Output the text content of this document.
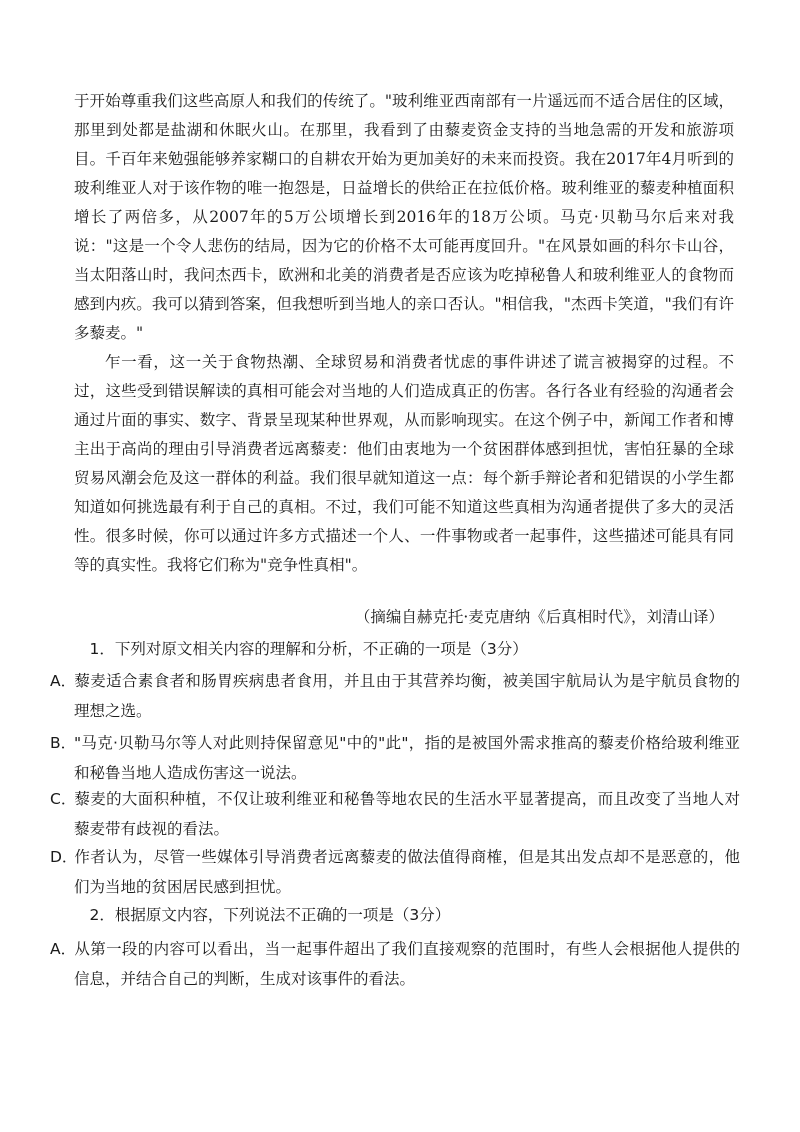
于开始尊重我们这些高原人和我们的传统了。"玻利维亚西南部有一片遥远而不适合居住的区域，那里到处都是盐湖和休眠火山。在那里，我看到了由藜麦资金支持的当地急需的开发和旅游项目。千百年来勉强能够养家糊口的自耕农开始为更加美好的未来而投资。我在2017年4月听到的玻利维亚人对于该作物的唯一抱怨是，日益增长的供给正在拉低价格。玻利维亚的藜麦种植面积增长了两倍多，从2007年的5万公顷增长到2016年的18万公顷。马克·贝勒马尔后来对我说："这是一个令人悲伤的结局，因为它的价格不太可能再度回升。"在风景如画的科尔卡山谷，当太阳落山时，我问杰西卡，欧洲和北美的消费者是否应该为吃掉秘鲁人和玻利维亚人的食物而感到内疚。我可以猜到答案，但我想听到当地人的亲口否认。"相信我，"杰西卡笑道，"我们有许多藜麦。"

乍一看，这一关于食物热潮、全球贸易和消费者忧虑的事件讲述了谎言被揭穿的过程。不过，这些受到错误解读的真相可能会对当地的人们造成真正的伤害。各行各业有经验的沟通者会通过片面的事实、数字、背景呈现某种世界观，从而影响现实。在这个例子中，新闻工作者和博主出于高尚的理由引导消费者远离藜麦：他们由衷地为一个贫困群体感到担忧，害怕狂暴的全球贸易风潮会危及这一群体的利益。我们很早就知道这一点：每个新手辩论者和犯错误的小学生都知道如何挑选最有利于自己的真相。不过，我们可能不知道这些真相为沟通者提供了多大的灵活性。很多时候，你可以通过许多方式描述一个人、一件事物或者一起事件，这些描述可能具有同等的真实性。我将它们称为"竞争性真相"。

（摘编自赫克托·麦克唐纳《后真相时代》，刘清山译）
1．下列对原文相关内容的理解和分析，不正确的一项是（3分）
A．藜麦适合素食者和肠胃疾病患者食用，并且由于其营养均衡，被美国宇航局认为是宇航员食物的理想之选。
B．"马克·贝勒马尔等人对此则持保留意见"中的"此"，指的是被国外需求推高的藜麦价格给玻利维亚和秘鲁当地人造成伤害这一说法。
C．藜麦的大面积种植，不仅让玻利维亚和秘鲁等地农民的生活水平显著提高，而且改变了当地人对藜麦带有歧视的看法。
D．作者认为，尽管一些媒体引导消费者远离藜麦的做法值得商榷，但是其出发点却不是恶意的，他们为当地的贫困居民感到担忧。
2．根据原文内容，下列说法不正确的一项是（3分）
A．从第一段的内容可以看出，当一起事件超出了我们直接观察的范围时，有些人会根据他人提供的信息，并结合自己的判断，生成对该事件的看法。
